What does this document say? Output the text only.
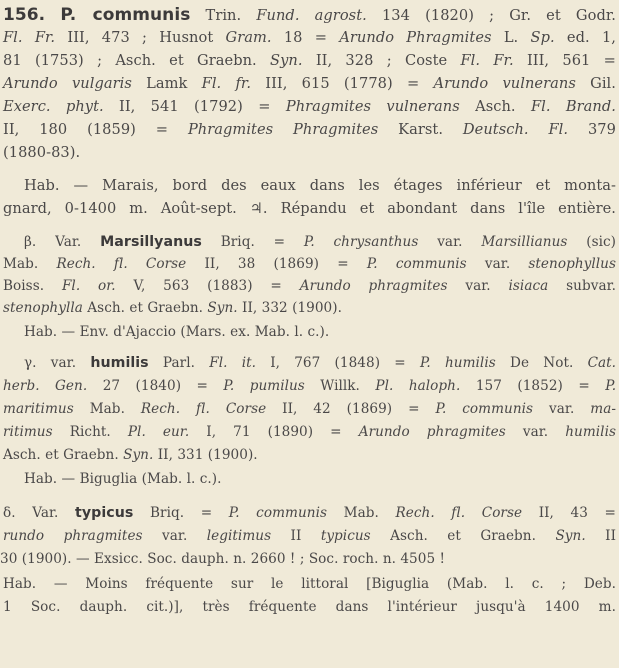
156. P. communis Trin. Fund. agrost. 134 (1820) ; Gr. et Godr.
Fl. Fr. III, 473 ; Husnot Gram. 18 = Arundo Phragmites L. Sp. ed. 1,
81 (1753) ; Asch. et Graebn. Syn. II, 328 ; Coste Fl. Fr. III, 561 =
Arundo vulgaris Lamk Fl. fr. III, 615 (1778) = Arundo vulnerans Gil.
Exerc. phyt. II, 541 (1792) = Phragmites vulnerans Asch. Fl. Brand.
II, 180 (1859) = Phragmites Phragmites Karst. Deutsch. Fl. 379
(1880-83).
Hab. — Marais, bord des eaux dans les étages inférieur et monta-
gnard, 0-1400 m. Août-sept. ♃. Répandu et abondant dans l'île entière.
β. Var. Marsillyanus Briq. = P. chrysanthus var. Marsillianus (sic)
Mab. Rech. fl. Corse II, 38 (1869) = P. communis var. stenophyllus
Boiss. Fl. or. V, 563 (1883) = Arundo phragmites var. isiaca subvar.
stenophylla Asch. et Graebn. Syn. II, 332 (1900).
Hab. — Env. d'Ajaccio (Mars. ex. Mab. l. c.).
γ. var. humilis Parl. Fl. it. I, 767 (1848) = P. humilis De Not. Cat.
herb. Gen. 27 (1840) = P. pumilus Willk. Pl. haloph. 157 (1852) = P.
maritimus Mab. Rech. fl. Corse II, 42 (1869) = P. communis var. ma-
ritimus Richt. Pl. eur. I, 71 (1890) = Arundo phragmites var. humilis
Asch. et Graebn. Syn. II, 331 (1900).
Hab. — Biguglia (Mab. l. c.).
δ. Var. typicus Briq. = P. communis Mab. Rech. fl. Corse II, 43 =
rundo phragmites var. legitimus II typicus Asch. et Graebn. Syn. II
30 (1900). — Exsicc. Soc. dauph. n. 2660 ! ; Soc. roch. n. 4505 !
Hab. — Moins fréquente sur le littoral [Biguglia (Mab. l. c. ; Deb.
1 Soc. dauph. cit.)], très fréquente dans l'intérieur jusqu'à 1400 m.
